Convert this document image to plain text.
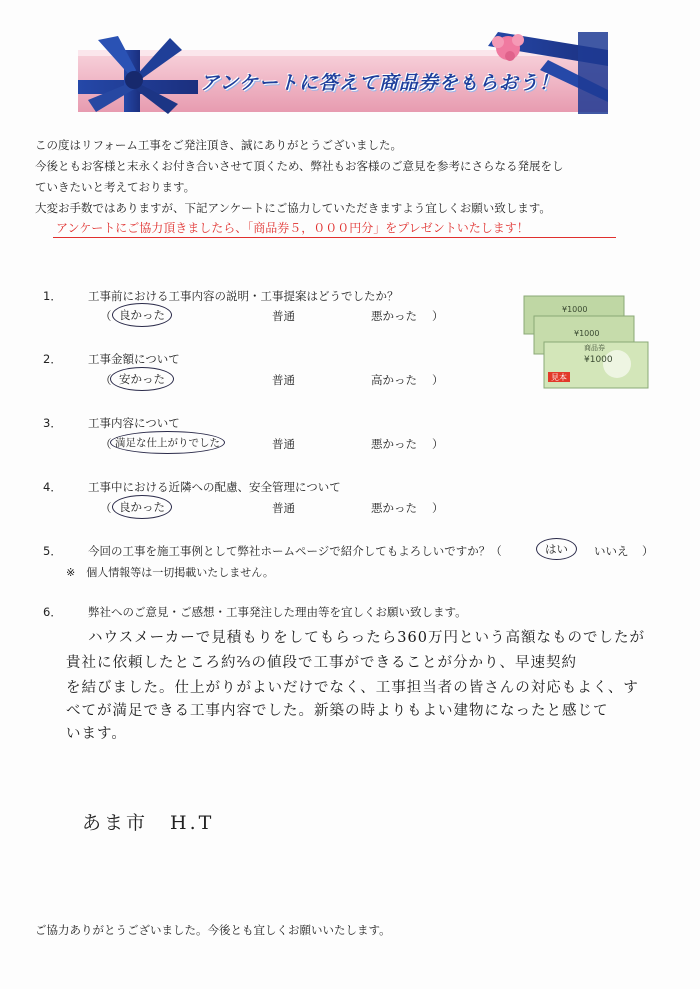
アンケートに答えて商品券をもらおう！
この度はリフォーム工事をご発注頂き、誠にありがとうございました。
今後ともお客様と末永くお付き合いさせて頂くため、弊社もお客様のご意見を参考にさらなる発展をし
ていきたいと考えております。
大変お手数ではありますが、下記アンケートにご協力していただきますよう宜しくお願い致します。
アンケートにご協力頂きましたら、「商品券５，０００円分」をプレゼントいたします！
見本
¥1000
¥1000
商品券
¥1000
1． 工事前における工事内容の説明・工事提案はどうでしたか？
（ 良かった	普通	悪かった ）
2． 工事金額について
（ 安かった	普通	高かった ）
3． 工事内容について
（ 満足な仕上がりでした	普通	悪かった ）
4． 工事中における近隣への配慮、安全管理について
（ 良かった	普通	悪かった ）
5． 今回の工事を施工事例として弊社ホームページで紹介してもよろしいですか？（	はい	いいえ ）
※　個人情報等は一切掲載いたしません。
6． 弊社へのご意見・ご感想・工事発注した理由等を宜しくお願い致します。
ハウスメーカーで見積もりをしてもらったら360万円という高額なものでしたが
貴社に依頼したところ約⅔の値段で工事ができることが分かり、早速契約
を結びました。仕上がりがよいだけでなく、工事担当者の皆さんの対応もよく、す
べてが満足できる工事内容でした。新築の時よりもよい建物になったと感じて
います。
あま市　H.T
ご協力ありがとうございました。今後とも宜しくお願いいたします。
